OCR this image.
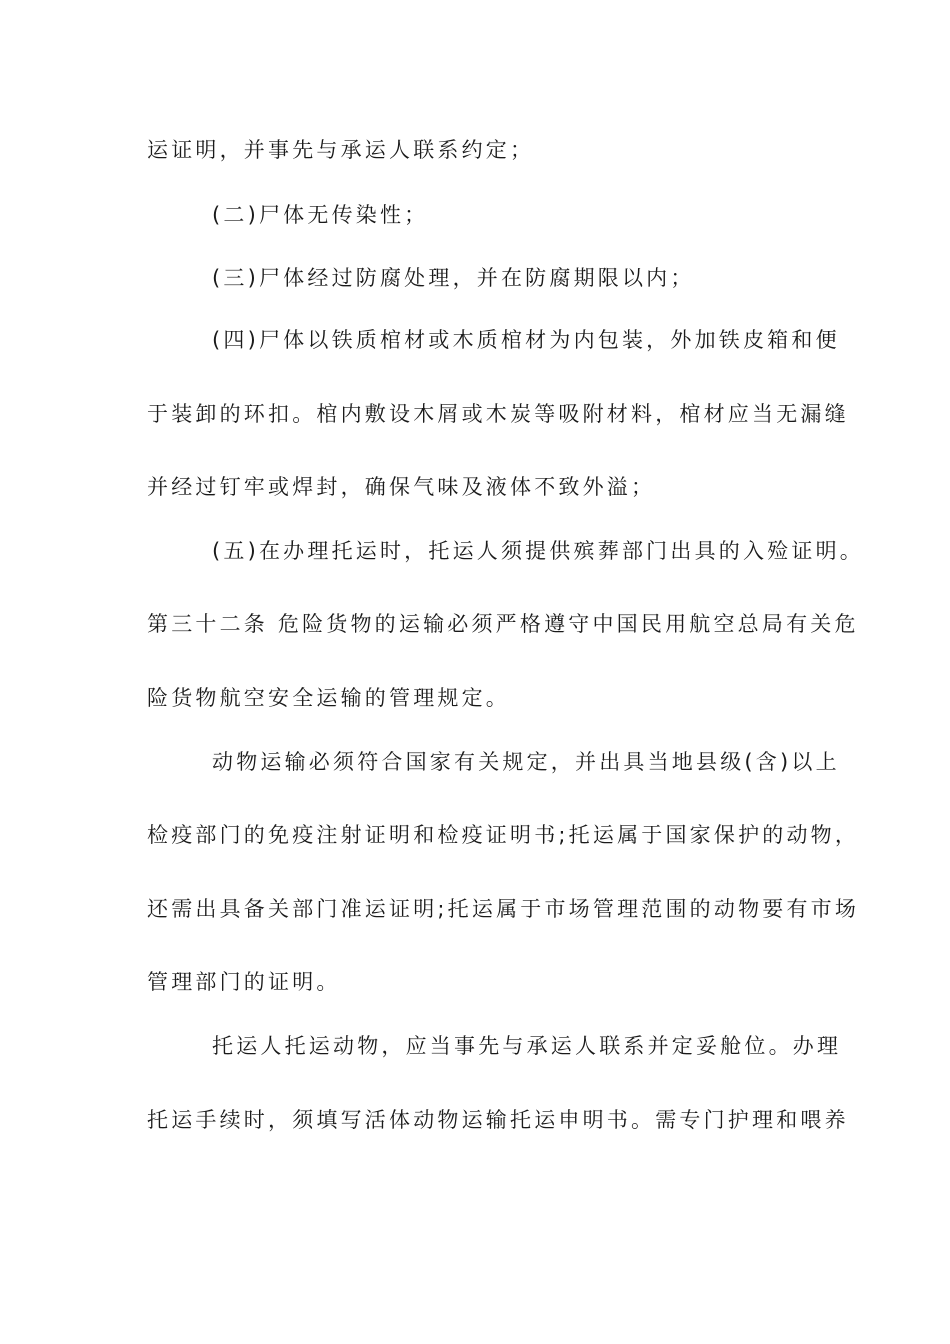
运证明，并事先与承运人联系约定；
(二)尸体无传染性；
(三)尸体经过防腐处理，并在防腐期限以内；
(四)尸体以铁质棺材或木质棺材为内包装，外加铁皮箱和便
于装卸的环扣。棺内敷设木屑或木炭等吸附材料，棺材应当无漏缝
并经过钉牢或焊封，确保气味及液体不致外溢；
(五)在办理托运时，托运人须提供殡葬部门出具的入殓证明。
第三十二条 危险货物的运输必须严格遵守中国民用航空总局有关危
险货物航空安全运输的管理规定。
动物运输必须符合国家有关规定，并出具当地县级(含)以上
检疫部门的免疫注射证明和检疫证明书;托运属于国家保护的动物，
还需出具备关部门准运证明;托运属于市场管理范围的动物要有市场
管理部门的证明。
托运人托运动物，应当事先与承运人联系并定妥舱位。办理
托运手续时，须填写活体动物运输托运申明书。需专门护理和喂养
